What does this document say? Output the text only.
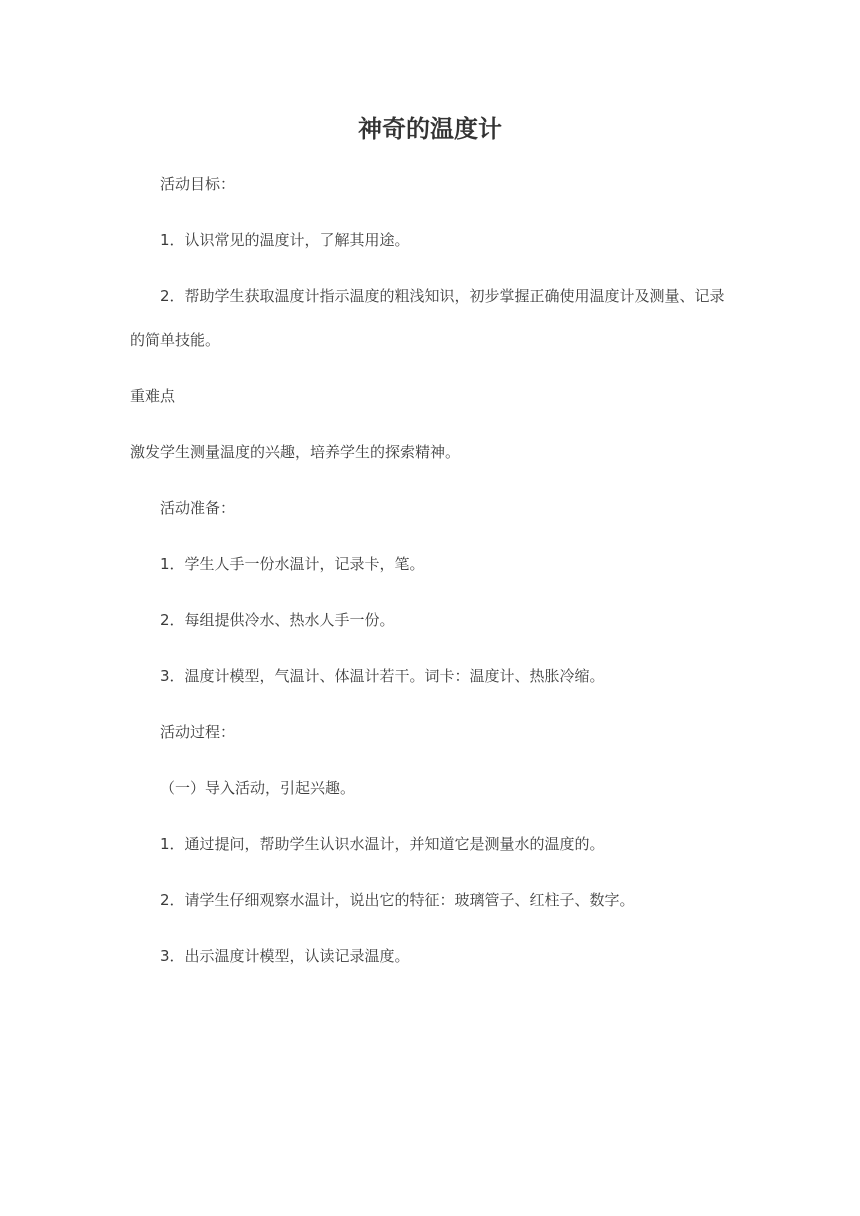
神奇的温度计

活动目标：

1．认识常见的温度计，了解其用途。

2．帮助学生获取温度计指示温度的粗浅知识，初步掌握正确使用温度计及测量、记录

的简单技能。

重难点

激发学生测量温度的兴趣，培养学生的探索精神。

活动准备：

1．学生人手一份水温计，记录卡，笔。

2．每组提供冷水、热水人手一份。

3．温度计模型，气温计、体温计若干。词卡：温度计、热胀冷缩。

活动过程：

（一）导入活动，引起兴趣。

1．通过提问，帮助学生认识水温计，并知道它是测量水的温度的。

2．请学生仔细观察水温计，说出它的特征：玻璃管子、红柱子、数字。

3．出示温度计模型，认读记录温度。
